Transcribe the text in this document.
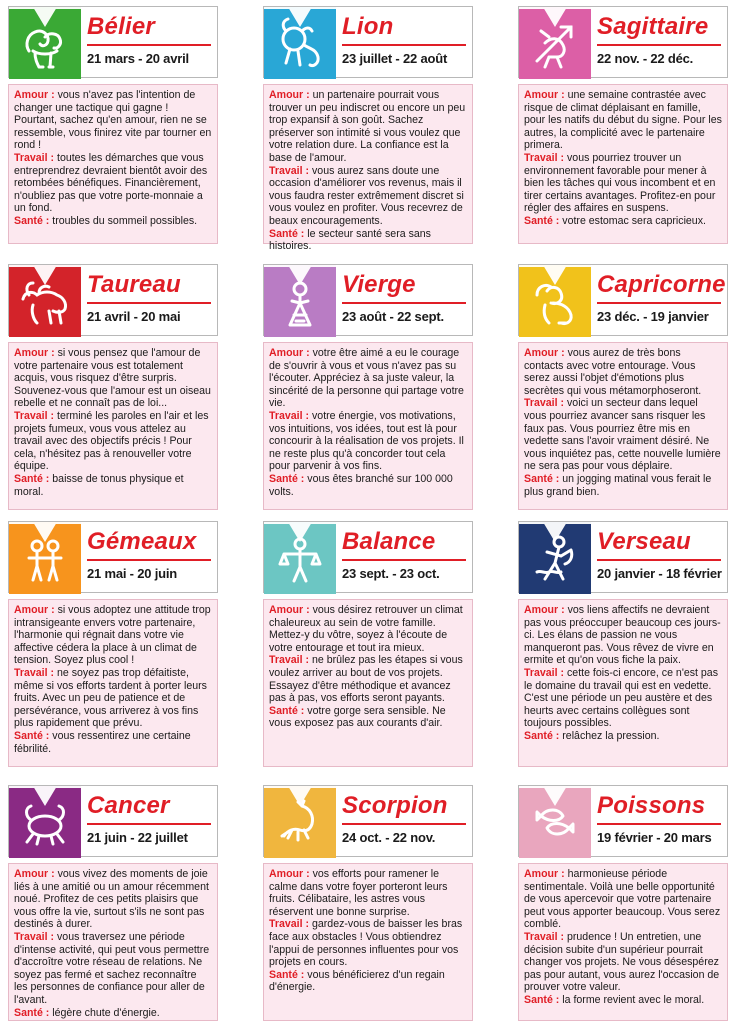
Bélier
21 mars - 20 avril

Amour : vous n'avez pas l'intention de changer une tactique qui gagne ! Pourtant, sachez qu'en amour, rien ne se ressemble, vous finirez vite par tourner en rond !

Travail : toutes les démarches que vous entreprendrez devraient bientôt avoir des retombées bénéfiques. Financièrement, n'oubliez pas que votre porte-monnaie a un fond.

Santé : troubles du sommeil possibles.

Lion
23 juillet - 22 août

Amour : un partenaire pourrait vous trouver un peu indiscret ou encore un peu trop expansif à son goût. Sachez préserver son intimité si vous voulez que votre relation dure. La confiance est la base de l'amour.

Travail : vous aurez sans doute une occasion d'améliorer vos revenus, mais il vous faudra rester extrêmement discret si vous voulez en profiter. Vous recevrez de beaux encouragements.

Santé : le secteur santé sera sans histoires.

Sagittaire
22 nov. - 22 déc.

Amour : une semaine contrastée avec risque de climat déplaisant en famille, pour les natifs du début du signe. Pour les autres, la complicité avec le partenaire primera.

Travail : vous pourriez trouver un environnement favorable pour mener à bien les tâches qui vous incombent et en tirer certains avantages. Profitez-en pour régler des affaires en suspens.

Santé : votre estomac sera capricieux.

Taureau
21 avril - 20 mai

Amour : si vous pensez que l'amour de votre partenaire vous est totalement acquis, vous risquez d'être surpris. Souvenez-vous que l'amour est un oiseau rebelle et ne connaît pas de loi...

Travail : terminé les paroles en l'air et les projets fumeux, vous vous attelez au travail avec des objectifs précis ! Pour cela, n'hésitez pas à renouveller votre équipe.

Santé : baisse de tonus physique et moral.

Vierge
23 août - 22 sept.

Amour : votre être aimé a eu le courage de s'ouvrir à vous et vous n'avez pas su l'écouter. Appréciez à sa juste valeur, la sincérité de la personne qui partage votre vie.

Travail : votre énergie, vos motivations, vos intuitions, vos idées, tout est là pour concourir à la réalisation de vos projets. Il ne reste plus qu'à concorder tout cela pour parvenir à vos fins.

Santé : vous êtes branché sur 100 000 volts.

Capricorne
23 déc. - 19 janvier

Amour : vous aurez de très bons contacts avec votre entourage. Vous serez aussi l'objet d'émotions plus secrètes qui vous métamorphoseront.

Travail : voici un secteur dans lequel vous pourriez avancer sans risquer les faux pas. Vous pourriez être mis en vedette sans l'avoir vraiment désiré. Ne vous inquiétez pas, cette nouvelle lumière ne sera pas pour vous déplaire.

Santé : un jogging matinal vous ferait le plus grand bien.

Gémeaux
21 mai - 20 juin

Amour : si vous adoptez une attitude trop intransigeante envers votre partenaire, l'harmonie qui régnait dans votre vie affective cédera la place à un climat de tension. Soyez plus cool !

Travail : ne soyez pas trop défaitiste, même si vos efforts tardent à porter leurs fruits. Avec un peu de patience et de persévérance, vous arriverez à vos fins plus rapidement que prévu.

Santé : vous ressentirez une certaine fébrilité.

Balance
23 sept. - 23 oct.

Amour : vous désirez retrouver un climat chaleureux au sein de votre famille. Mettez-y du vôtre, soyez à l'écoute de votre entourage et tout ira mieux.

Travail : ne brûlez pas les étapes si vous voulez arriver au bout de vos projets. Essayez d'être méthodique et avancez pas à pas, vos efforts seront payants.

Santé : votre gorge sera sensible. Ne vous exposez pas aux courants d'air.

Verseau
20 janvier - 18 février

Amour : vos liens affectifs ne devraient pas vous préoccuper beaucoup ces jours-ci. Les élans de passion ne vous manqueront pas. Vous rêvez de vivre en ermite et qu'on vous fiche la paix.

Travail : cette fois-ci encore, ce n'est pas le domaine du travail qui est en vedette. C'est une période un peu austère et des heurts avec certains collègues sont toujours possibles.

Santé : relâchez la pression.

Cancer
21 juin - 22 juillet

Amour : vous vivez des moments de joie liés à une amitié ou un amour récemment noué. Profitez de ces petits plaisirs que vous offre la vie, surtout s'ils ne sont pas destinés à durer.

Travail : vous traversez une période d'intense activité, qui peut vous permettre d'accroître votre réseau de relations. Ne soyez pas fermé et sachez reconnaître les personnes de confiance pour aller de l'avant.

Santé : légère chute d'énergie.

Scorpion
24 oct. - 22 nov.

Amour : vos efforts pour ramener le calme dans votre foyer porteront leurs fruits. Célibataire, les astres vous réservent une bonne surprise.

Travail : gardez-vous de baisser les bras face aux obstacles ! Vous obtiendrez l'appui de personnes influentes pour vos projets en cours.

Santé : vous bénéficierez d'un regain d'énergie.

Poissons
19 février - 20 mars

Amour : harmonieuse période sentimentale. Voilà une belle opportunité de vous apercevoir que votre partenaire peut vous apporter beaucoup. Vous serez comblé.

Travail : prudence ! Un entretien, une décision subite d'un supérieur pourrait changer vos projets. Ne vous désespérez pas pour autant, vous aurez l'occasion de prouver votre valeur.

Santé : la forme revient avec le moral.
